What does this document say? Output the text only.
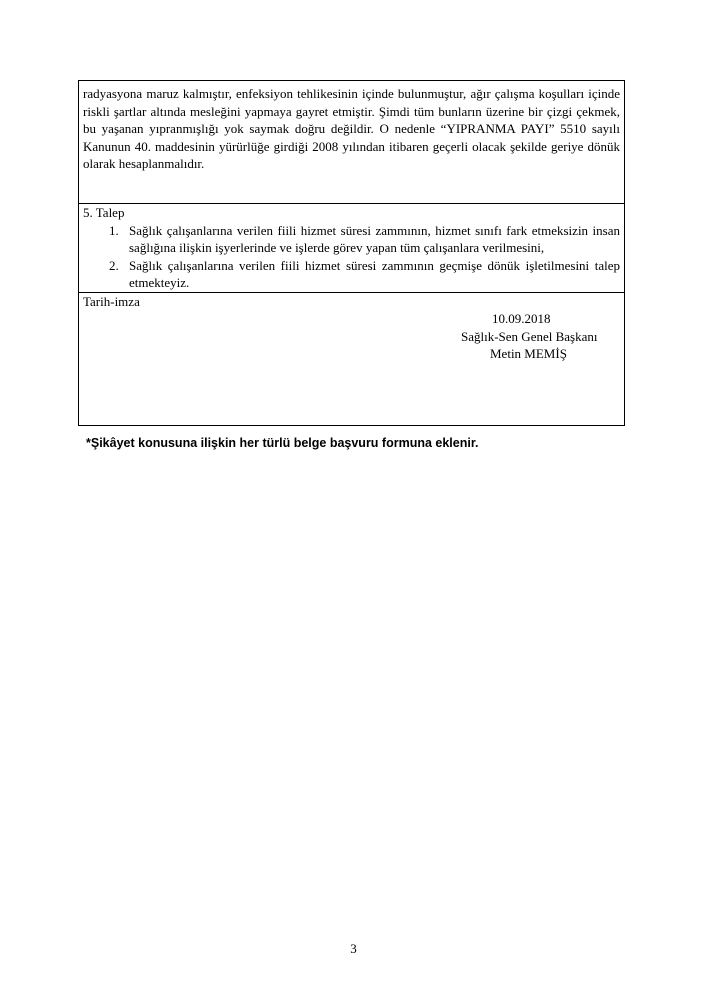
radyasyona maruz kalmıştır, enfeksiyon tehlikesinin içinde bulunmuştur, ağır çalışma koşulları içinde riskli şartlar altında mesleğini yapmaya gayret etmiştir. Şimdi tüm bunların üzerine bir çizgi çekmek, bu yaşanan yıpranmışlığı yok saymak doğru değildir. O nedenle “YIPRANMA PAYI” 5510 sayılı Kanunun 40. maddesinin yürürlüğe girdiği 2008 yılından itibaren geçerli olacak şekilde geriye dönük olarak hesaplanmalıdır.

5. Talep
1. Sağlık çalışanlarına verilen fiili hizmet süresi zammının, hizmet sınıfı fark etmeksizin insan sağlığına ilişkin işyerlerinde ve işlerde görev yapan tüm çalışanlara verilmesini,
2. Sağlık çalışanlarına verilen fiili hizmet süresi zammının geçmişe dönük işletilmesini talep etmekteyiz.

Tarih-imza
10.09.2018
Sağlık-Sen Genel Başkanı
Metin MEMİŞ

*Şikâyet konusuna ilişkin her türlü belge başvuru formuna eklenir.

3
